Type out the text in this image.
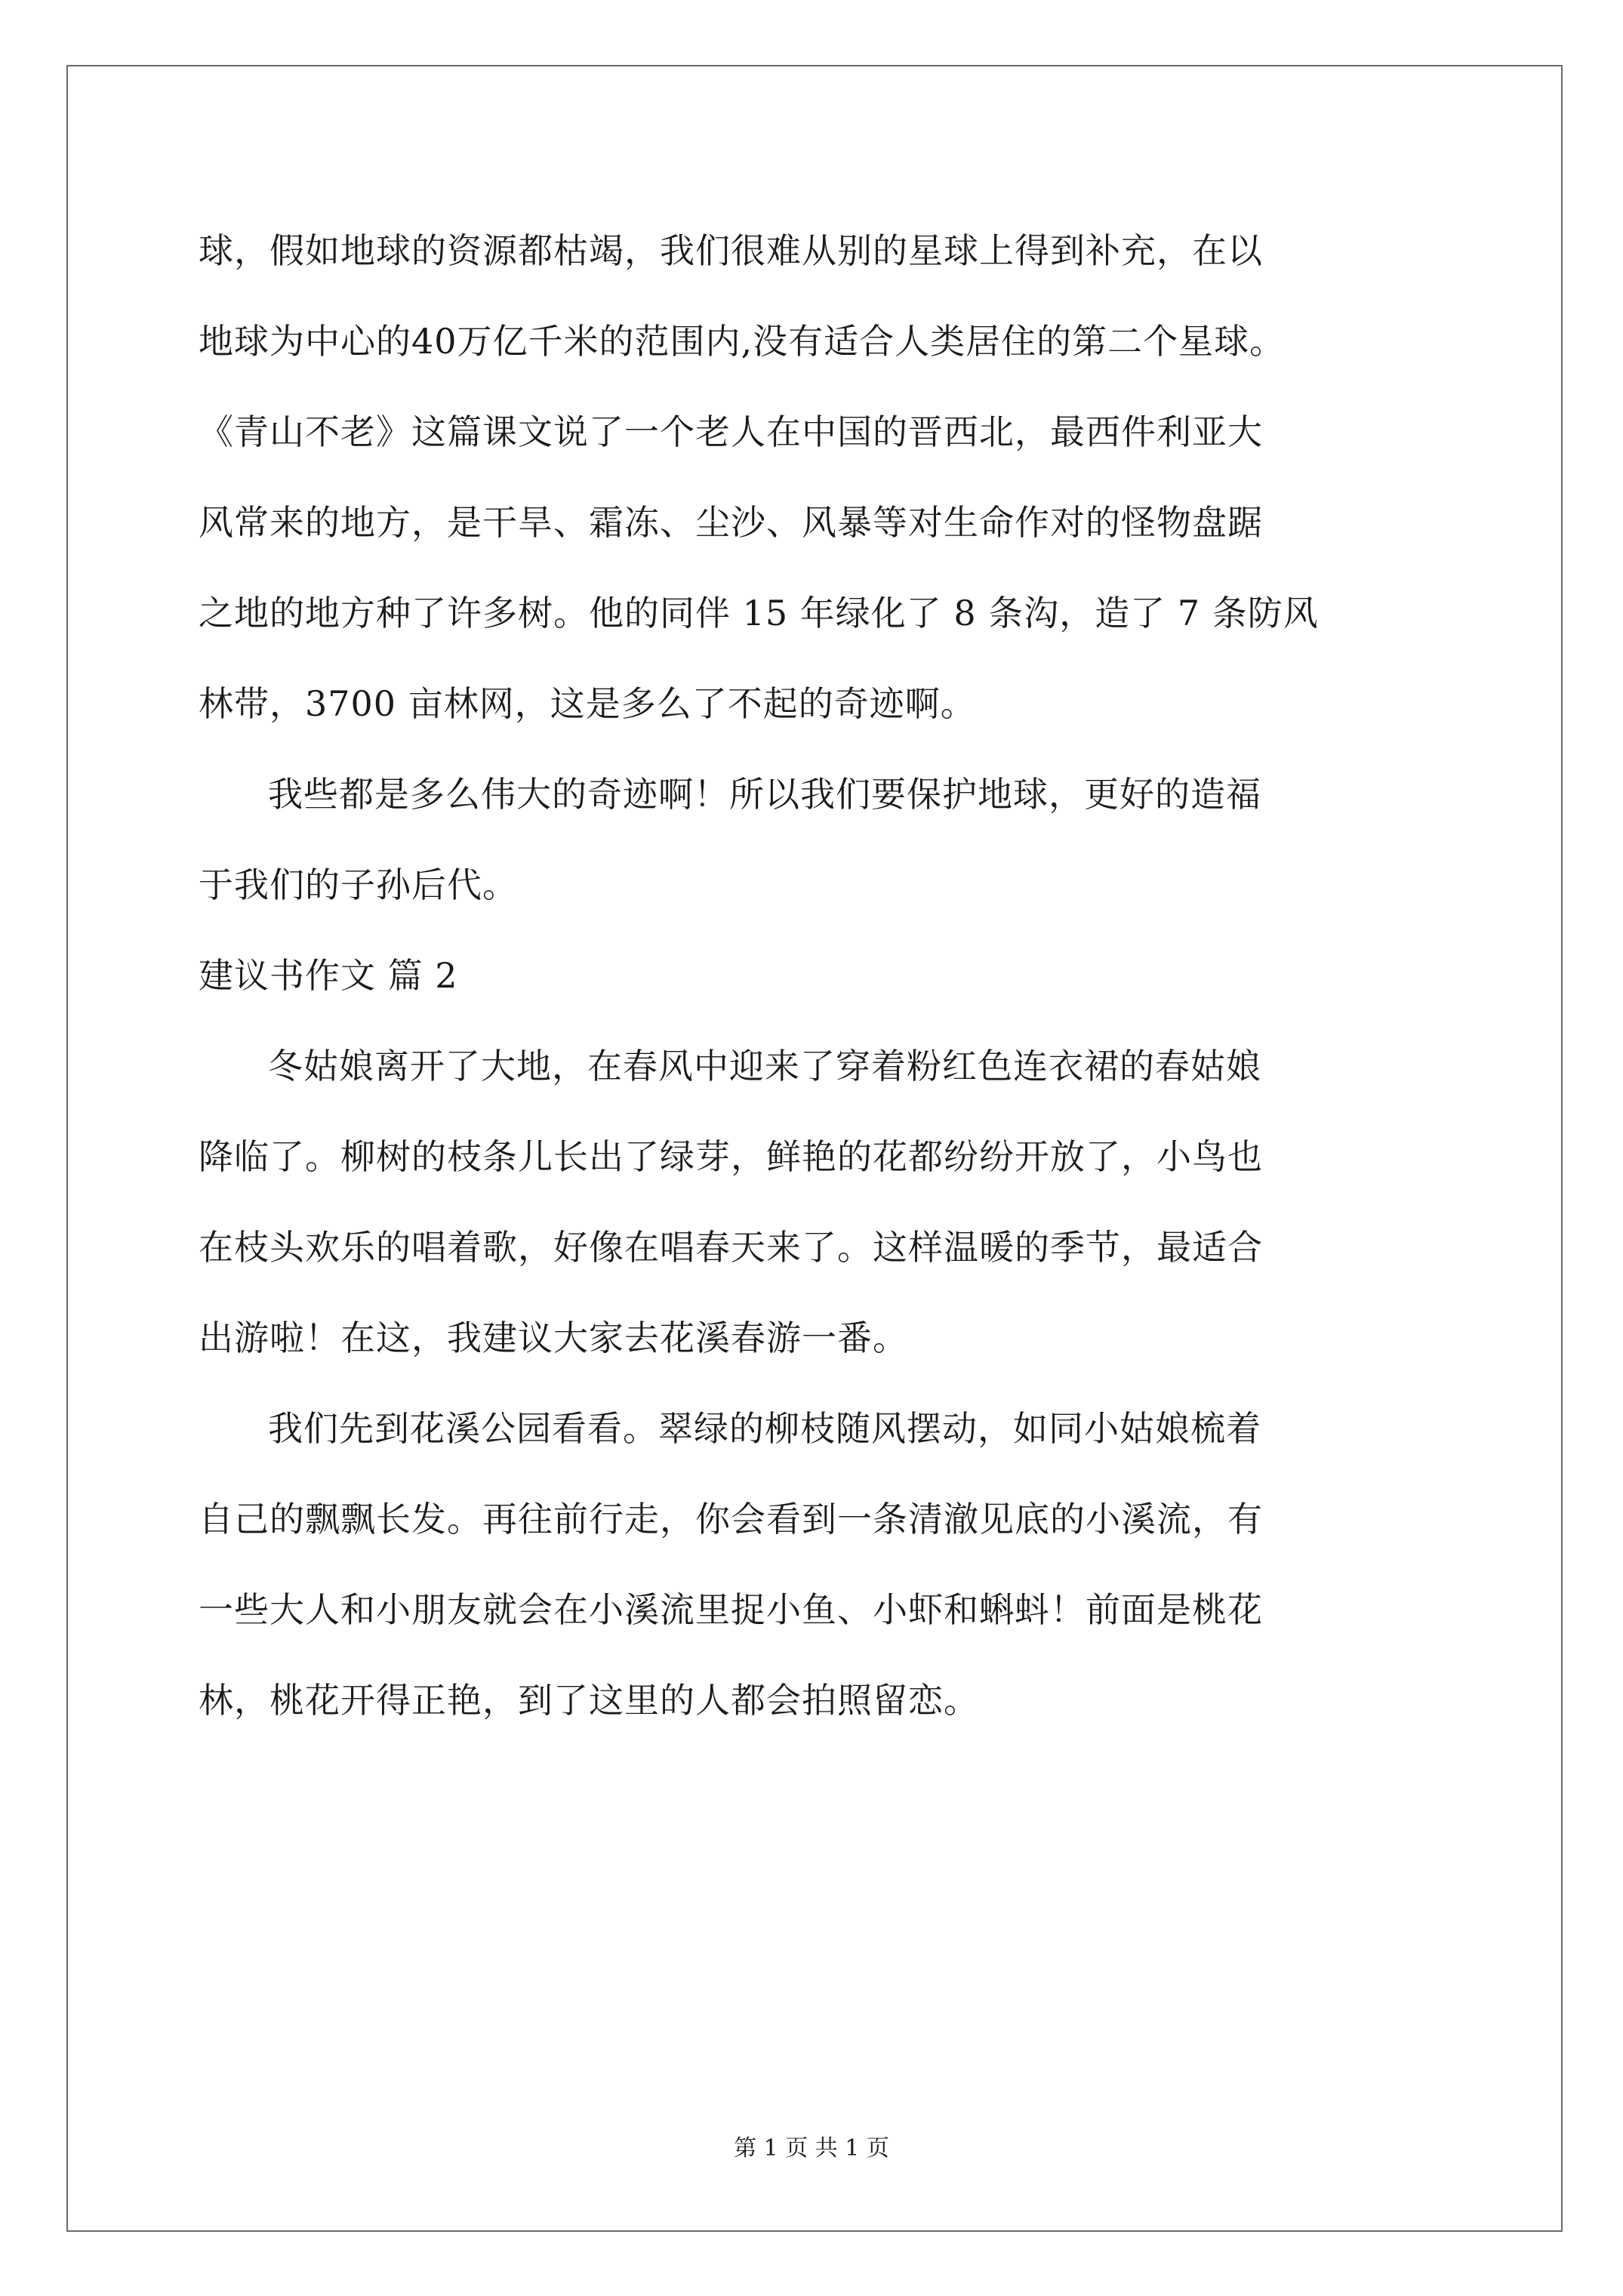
球，假如地球的资源都枯竭，我们很难从别的星球上得到补充，在以
地球为中心的40万亿千米的范围内,没有适合人类居住的第二个星球。
《青山不老》这篇课文说了一个老人在中国的晋西北，最西件利亚大
风常来的地方，是干旱、霜冻、尘沙、风暴等对生命作对的怪物盘踞
之地的地方种了许多树。他的同伴 15 年绿化了 8 条沟，造了 7 条防风
林带，3700 亩林网，这是多么了不起的奇迹啊。
我些都是多么伟大的奇迹啊！所以我们要保护地球，更好的造福
于我们的子孙后代。
建议书作文 篇 2
冬姑娘离开了大地，在春风中迎来了穿着粉红色连衣裙的春姑娘
降临了。柳树的枝条儿长出了绿芽，鲜艳的花都纷纷开放了，小鸟也
在枝头欢乐的唱着歌，好像在唱春天来了。这样温暖的季节，最适合
出游啦！在这，我建议大家去花溪春游一番。
我们先到花溪公园看看。翠绿的柳枝随风摆动，如同小姑娘梳着
自己的飘飘长发。再往前行走，你会看到一条清澈见底的小溪流，有
一些大人和小朋友就会在小溪流里捉小鱼、小虾和蝌蚪！前面是桃花
林，桃花开得正艳，到了这里的人都会拍照留恋。
第 1 页 共 1 页
